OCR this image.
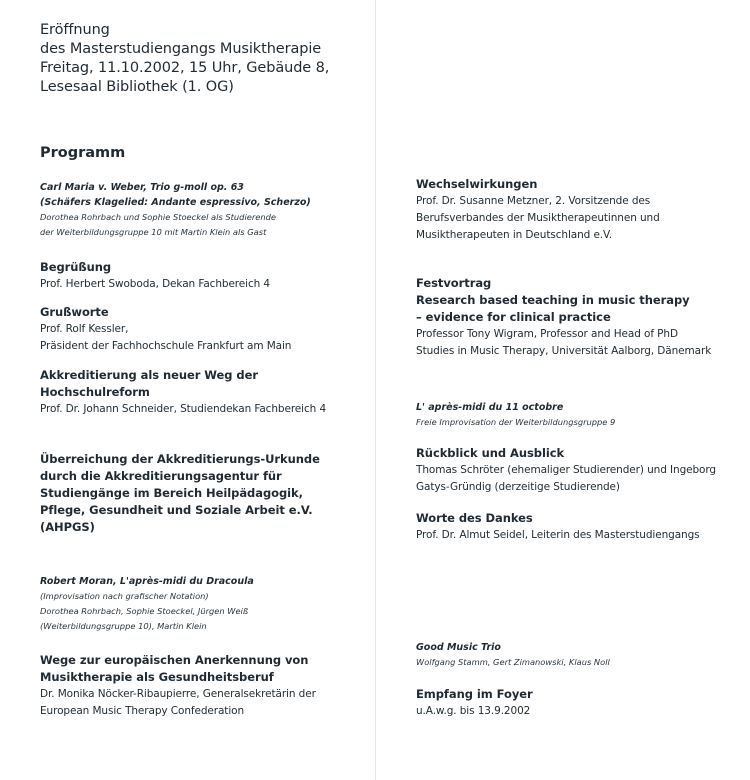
Eröffnung
des Masterstudiengangs Musiktherapie
Freitag, 11.10.2002, 15 Uhr, Gebäude 8,
Lesesaal Bibliothek (1. OG)
Programm
Carl Maria v. Weber, Trio g-moll op. 63
(Schäfers Klagelied: Andante espressivo, Scherzo)
Dorothea Rohrbach und Sophie Stoeckel als Studierende
der Weiterbildungsgruppe 10 mit Martin Klein als Gast
Begrüßung
Prof. Herbert Swoboda, Dekan Fachbereich 4
Grußworte
Prof. Rolf Kessler,
Präsident der Fachhochschule Frankfurt am Main
Akkreditierung als neuer Weg der
Hochschulreform
Prof. Dr. Johann Schneider, Studiendekan Fachbereich 4
Überreichung der Akkreditierungs-Urkunde
durch die Akkreditierungsagentur für
Studiengänge im Bereich Heilpädagogik,
Pflege, Gesundheit und Soziale Arbeit e.V.
(AHPGS)
Robert Moran, L'après-midi du Dracoula
(Improvisation nach grafischer Notation)
Dorothea Rohrbach, Sophie Stoeckel, Jürgen Weiß
(Weiterbildungsgruppe 10), Martin Klein
Wege zur europäischen Anerkennung von
Musiktherapie als Gesundheitsberuf
Dr. Monika Nöcker-Ribaupierre, Generalsekretärin der
European Music Therapy Confederation
Wechselwirkungen
Prof. Dr. Susanne Metzner, 2. Vorsitzende des
Berufsverbandes der Musiktherapeutinnen und
Musiktherapeuten in Deutschland e.V.
Festvortrag
Research based teaching in music therapy
– evidence for clinical practice
Professor Tony Wigram, Professor and Head of PhD
Studies in Music Therapy, Universität Aalborg, Dänemark
L' après-midi du 11 octobre
Freie Improvisation der Weiterbildungsgruppe 9
Rückblick und Ausblick
Thomas Schröter (ehemaliger Studierender) und Ingeborg
Gatys-Gründig (derzeitige Studierende)
Worte des Dankes
Prof. Dr. Almut Seidel, Leiterin des Masterstudiengangs
Good Music Trio
Wolfgang Stamm, Gert Zimanowski, Klaus Noll
Empfang im Foyer
u.A.w.g. bis 13.9.2002
